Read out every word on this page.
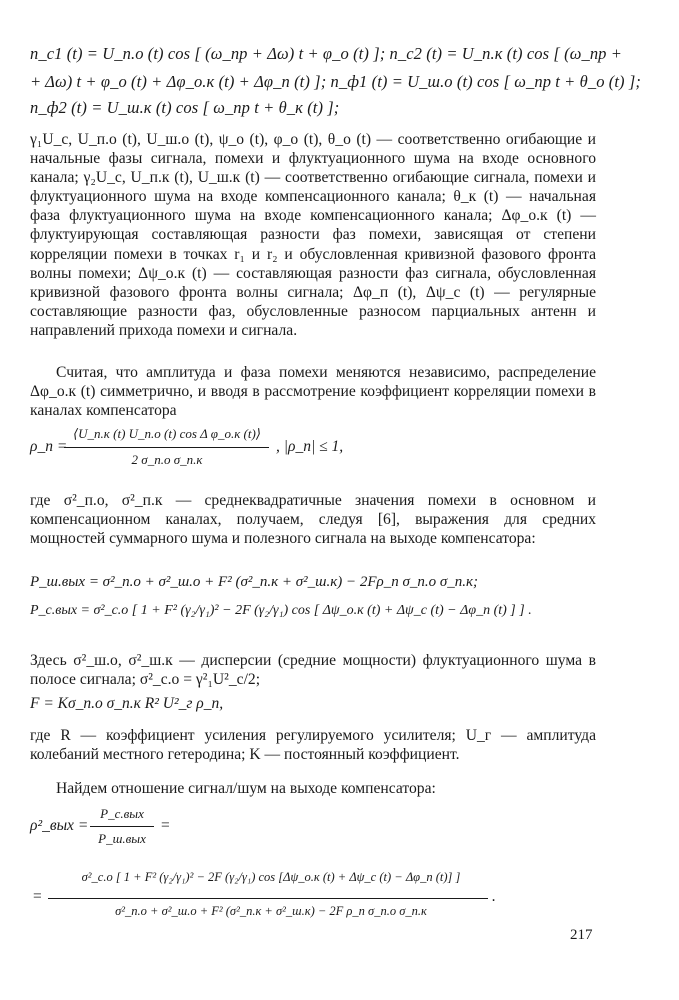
n_c1 (t) = U_п.о (t) cos [ (ω_пр + Δω) t + φ_о (t) ]; n_c2 (t) = U_п.к (t) cos [ (ω_пр +
+ Δω) t + φ_о (t) + Δφ_о.к (t) + Δφ_п (t) ]; n_ф1 (t) = U_ш.о (t) cos [ ω_пр t + θ_о (t) ];
n_ф2 (t) = U_ш.к (t) cos [ ω_пр t + θ_к (t) ];

γ₁U_с, U_п.о (t), U_ш.о (t), ψ_о (t), φ_о (t), θ_о (t) — соответственно огибающие и начальные фазы сигнала, помехи и флуктуационного шума на входе основного канала; γ₂U_с, U_п.к (t), U_ш.к (t) — соответственно огибающие сигнала, помехи и флуктуационного шума на входе компенсационного канала; θ_к (t) — начальная фаза флуктуационного шума на входе компенсационного канала; Δφ_о.к (t) — флуктуирующая составляющая разности фаз помехи, зависящая от степени корреляции помехи в точках r₁ и r₂ и обусловленная кривизной фазового фронта волны помехи; Δψ_о.к (t) — составляющая разности фаз сигнала, обусловленная кривизной фазового фронта волны сигнала; Δφ_п (t), Δψ_с (t) — регулярные составляющие разности фаз, обусловленные разносом парциальных антенн и направлений прихода помехи и сигнала.

Считая, что амплитуда и фаза помехи меняются независимо, распределение Δφ_о.к (t) симметрично, и вводя в рассмотрение коэффициент корреляции помехи в каналах компенсатора

ρ_п =
⟨U_п.к (t) U_п.о (t) cos Δ φ_о.к (t)⟩
2 σ_п.о σ_п.к
, |ρ_п| ≤ 1,

где σ²_п.о, σ²_п.к — среднеквадратичные значения помехи в основном и компенсационном каналах, получаем, следуя [6], выражения для средних мощностей суммарного шума и полезного сигнала на выходе компенсатора:

P_ш.вых = σ²_п.о + σ²_ш.о + F² (σ²_п.к + σ²_ш.к) − 2Fρ_п σ_п.о σ_п.к;
P_с.вых = σ²_с.о [ 1 + F² (γ₂/γ₁)² − 2F (γ₂/γ₁) cos [ Δψ_о.к (t) + Δψ_с (t) − Δφ_п (t) ] ] .

Здесь σ²_ш.о, σ²_ш.к — дисперсии (средние мощности) флуктуационного шума в полосе сигнала; σ²_с.о = γ²₁U²_с/2;

F = Kσ_п.о σ_п.к R² U²_г ρ_п,

где R — коэффициент усиления регулируемого усилителя; U_г — амплитуда колебаний местного гетеродина; K — постоянный коэффициент.

Найдем отношение сигнал/шум на выходе компенсатора:

ρ²_вых =
P_с.вых
P_ш.вых
=
=
σ²_с.о [ 1 + F² (γ₂/γ₁)² − 2F (γ₂/γ₁) cos [Δψ_о.к (t) + Δψ_с (t) − Δφ_п (t)] ]
σ²_п.о + σ²_ш.о + F² (σ²_п.к + σ²_ш.к) − 2F ρ_п σ_п.о σ_п.к
.
217
